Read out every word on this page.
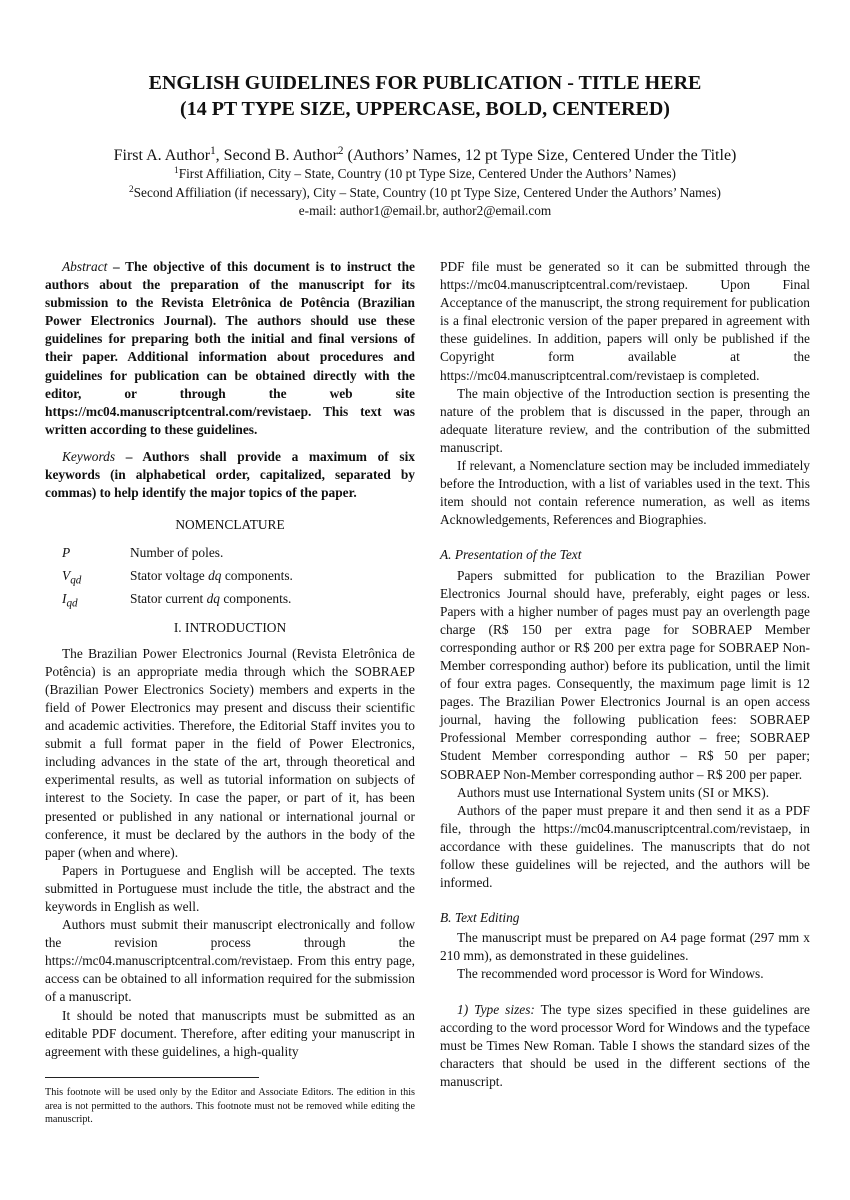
ENGLISH GUIDELINES FOR PUBLICATION - TITLE HERE
(14 PT TYPE SIZE, UPPERCASE, BOLD, CENTERED)
First A. Author$^1$, Second B. Author$^2$ (Authors’ Names, 12 pt Type Size, Centered Under the Title)
$^1$First Affiliation, City – State, Country (10 pt Type Size, Centered Under the Authors’ Names)
$^2$Second Affiliation (if necessary), City – State, Country (10 pt Type Size, Centered Under the Authors’ Names)
e-mail: author1@email.br, author2@email.com

Abstract – The objective of this document is to instruct the authors about the preparation of the manuscript for its submission to the Revista Eletrônica de Potência (Brazilian Power Electronics Journal). The authors should use these guidelines for preparing both the initial and final versions of their paper. Additional information about procedures and guidelines for publication can be obtained directly with the editor, or through the web site https://mc04.manuscriptcentral.com/revistaep. This text was written according to these guidelines.

Keywords – Authors shall provide a maximum of six keywords (in alphabetical order, capitalized, separated by commas) to help identify the major topics of the paper.

NOMENCLATURE
P	Number of poles.
$V_{qd}$	Stator voltage dq components.
$I_{qd}$	Stator current dq components.
I. INTRODUCTION

The Brazilian Power Electronics Journal (Revista Eletrônica de Potência) is an appropriate media through which the SOBRAEP (Brazilian Power Electronics Society) members and experts in the field of Power Electronics may present and discuss their scientific and academic activities. Therefore, the Editorial Staff invites you to submit a full format paper in the field of Power Electronics, including advances in the state of the art, through theoretical and experimental results, as well as tutorial information on subjects of interest to the Society. In case the paper, or part of it, has been presented or published in any national or international journal or conference, it must be declared by the authors in the body of the paper (when and where).

Papers in Portuguese and English will be accepted. The texts submitted in Portuguese must include the title, the abstract and the keywords in English as well.

Authors must submit their manuscript electronically and follow the revision process through the https://mc04.manuscriptcentral.com/revistaep. From this entry page, access can be obtained to all information required for the submission of a manuscript.

It should be noted that manuscripts must be submitted as an editable PDF document. Therefore, after editing your manuscript in agreement with these guidelines, a high-quality

PDF file must be generated so it can be submitted through the https://mc04.manuscriptcentral.com/revistaep. Upon Final Acceptance of the manuscript, the strong requirement for publication is a final electronic version of the paper prepared in agreement with these guidelines. In addition, papers will only be published if the Copyright form available at the https://mc04.manuscriptcentral.com/revistaep is completed.

The main objective of the Introduction section is presenting the nature of the problem that is discussed in the paper, through an adequate literature review, and the contribution of the submitted manuscript.

If relevant, a Nomenclature section may be included immediately before the Introduction, with a list of variables used in the text. This item should not contain reference numeration, as well as items Acknowledgements, References and Biographies.

A. Presentation of the Text

Papers submitted for publication to the Brazilian Power Electronics Journal should have, preferably, eight pages or less. Papers with a higher number of pages must pay an overlength page charge (R$ 150 per extra page for SOBRAEP Member corresponding author or R$ 200 per extra page for SOBRAEP Non-Member corresponding author) before its publication, until the limit of four extra pages. Consequently, the maximum page limit is 12 pages. The Brazilian Power Electronics Journal is an open access journal, having the following publication fees: SOBRAEP Professional Member corresponding author – free; SOBRAEP Student Member corresponding author – R$ 50 per paper; SOBRAEP Non-Member corresponding author – R$ 200 per paper.

Authors must use International System units (SI or MKS).

Authors of the paper must prepare it and then send it as a PDF file, through the https://mc04.manuscriptcentral.com/revistaep, in accordance with these guidelines. The manuscripts that do not follow these guidelines will be rejected, and the authors will be informed.

B. Text Editing

The manuscript must be prepared on A4 page format (297 mm x 210 mm), as demonstrated in these guidelines.

The recommended word processor is Word for Windows.

1) Type sizes: The type sizes specified in these guidelines are according to the word processor Word for Windows and the typeface must be Times New Roman. Table I shows the standard sizes of the characters that should be used in the different sections of the manuscript.

This footnote will be used only by the Editor and Associate Editors. The edition in this area is not permitted to the authors. This footnote must not be removed while editing the manuscript.
